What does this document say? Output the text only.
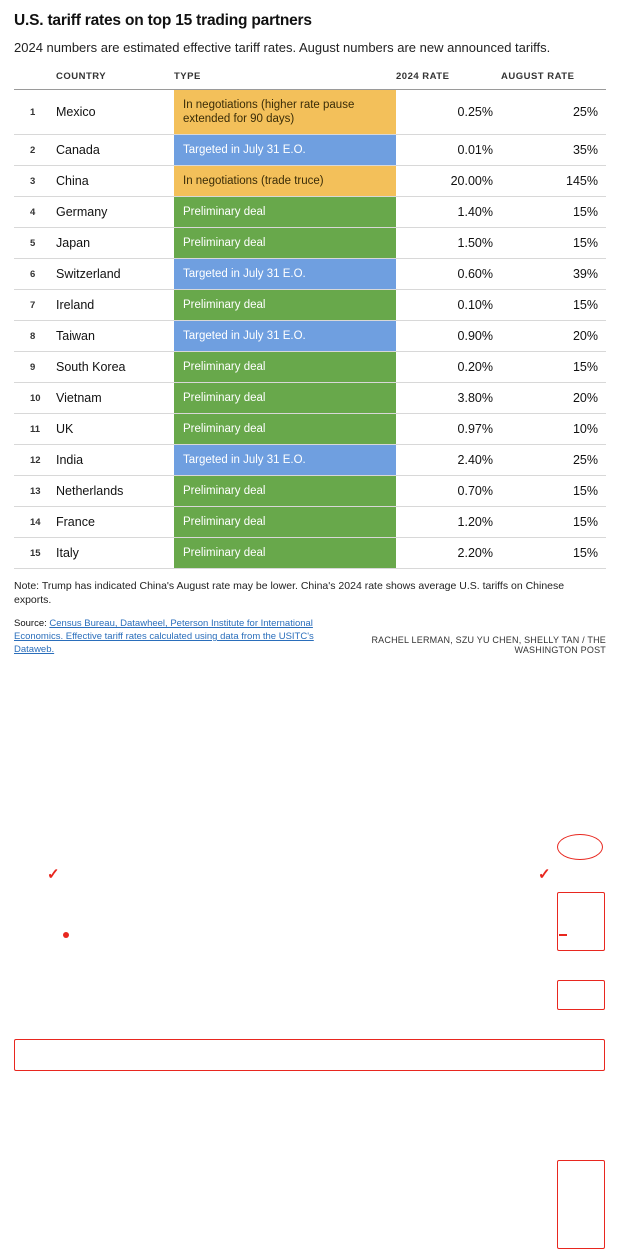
U.S. tariff rates on top 15 trading partners
2024 numbers are estimated effective tariff rates. August numbers are new announced tariffs.
	COUNTRY	TYPE	2024 RATE	AUGUST RATE
1	Mexico	In negotiations (higher rate pause extended for 90 days)	0.25%	25%
2	Canada	Targeted in July 31 E.O.	0.01%	35%
3	China	In negotiations (trade truce)	20.00%	145%
4	Germany	Preliminary deal	1.40%	15%
5	Japan	Preliminary deal	1.50%	15%
6	Switzerland	Targeted in July 31 E.O.	0.60%	39%
7	Ireland	Preliminary deal	0.10%	15%
8	Taiwan	Targeted in July 31 E.O.	0.90%	20%
9	South Korea	Preliminary deal	0.20%	15%
10	Vietnam	Preliminary deal	3.80%	20%
11	UK	Preliminary deal	0.97%	10%
12	India	Targeted in July 31 E.O.	2.40%	25%
13	Netherlands	Preliminary deal	0.70%	15%
14	France	Preliminary deal	1.20%	15%
15	Italy	Preliminary deal	2.20%	15%
Note: Trump has indicated China's August rate may be lower. China's 2024 rate shows average U.S. tariffs on Chinese exports.
Source: Census Bureau, Datawheel, Peterson Institute for International Economics. Effective tariff rates calculated using data from the USITC's Dataweb.
RACHEL LERMAN, SZU YU CHEN, SHELLY TAN / THE WASHINGTON POST
✓	✓
